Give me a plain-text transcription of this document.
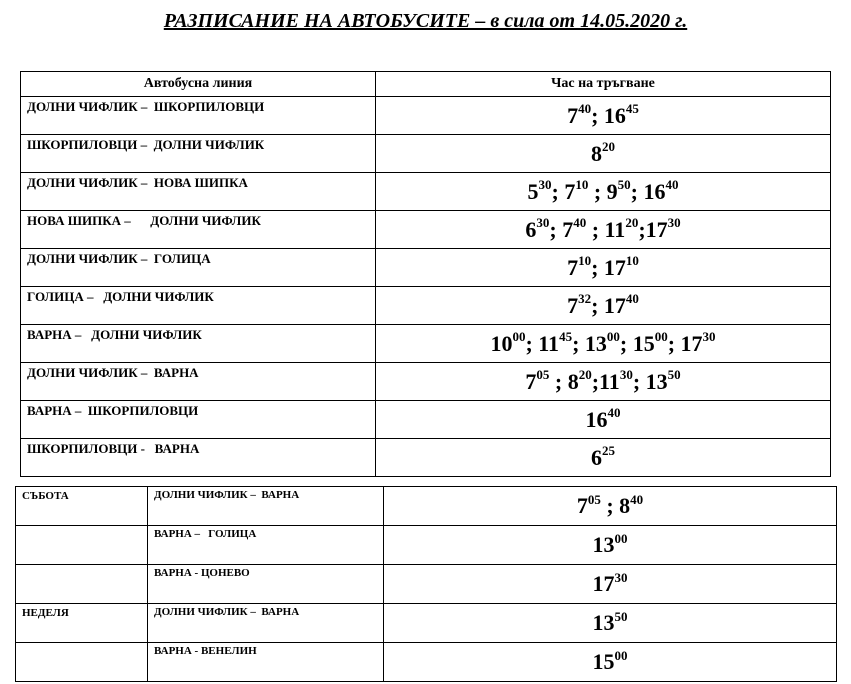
РАЗПИСАНИЕ НА АВТОБУСИТЕ – в сила от 14.05.2020 г.
Автобусна линия	Час на тръгване
ДОЛНИ ЧИФЛИК –  ШКОРПИЛОВЦИ	$7^{40}$; $16^{45}$
ШКОРПИЛОВЦИ –  ДОЛНИ ЧИФЛИК	$8^{20}$
ДОЛНИ ЧИФЛИК –  НОВА ШИПКА	$5^{30}$; $7^{10}$ ; $9^{50}$; $16^{40}$
НОВА ШИПКА –      ДОЛНИ ЧИФЛИК	$6^{30}$; $7^{40}$ ; $11^{20};17^{30}$
ДОЛНИ ЧИФЛИК –  ГОЛИЦА	$7^{10}$; $17^{10}$
ГОЛИЦА –   ДОЛНИ ЧИФЛИК	$7^{32}$; $17^{40}$
ВАРНА –   ДОЛНИ ЧИФЛИК	$10^{00}$; $11^{45}$; $13^{00}$; $15^{00}$; $17^{30}$
ДОЛНИ ЧИФЛИК –  ВАРНА	$7^{05}$ ; $8^{20};11^{30}$; $13^{50}$
ВАРНА –  ШКОРПИЛОВЦИ	$16^{40}$
ШКОРПИЛОВЦИ -   ВАРНА	$6^{25}$
СЪБОТА	ДОЛНИ ЧИФЛИК –  ВАРНА	$7^{05}$ ; $8^{40}$
	ВАРНА –   ГОЛИЦА	$13^{00}$
	ВАРНА - ЦОНЕВО	$17^{30}$
НЕДЕЛЯ	ДОЛНИ ЧИФЛИК –  ВАРНА	$13^{50}$
	ВАРНА - ВЕНЕЛИН	$15^{00}$
